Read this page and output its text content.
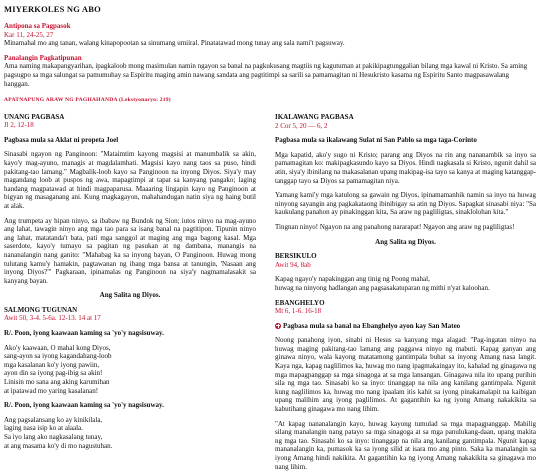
MIYERKOLES NG ABO
Antipona sa Pagpasok
Kar 11, 24-25, 27

Minamahal mo ang tanan, walang kinapopootan sa sinumang umiiral. Pinatatawad mong tunay ang sala nami't pagsuway.

Panalangin Pagkatipunan

Ama naming makapangyarihan, ipagkaloob mong masimulan namin ngayon sa banal na pagkukusang magtiis ng kagutuman at pakikipagtunggalian bilang mga kawal ni Kristo. Sa aming pagsugpo sa mga salungat sa pamumuhay sa Espiritu maging amin nawang sandata ang pagtitimpi sa sarili sa pamamagitan ni Hesukristo kasama ng Espiritu Santo magpasawalang hanggan.

APATNAPUNG ARAW NG PAGHAHANDA (Leksiyonaryo: 219)
UNANG PAGBASA
Jl 2, 12-18
Pagbasa mula sa Aklat ni propeta Joel

Sinasabi ngayon ng Panginoon: "Mataimtim kayong magsisi at manumbalik sa akin, kayo'y mag-ayuno, managis at magdalamhati. Magsisi kayo nang taos sa puso, hindi pakitang-tao lamang." Magbalik-loob kayo sa Panginoon na inyong Diyos. Siya'y may magandang loob at puspos ng awa, mapagtimpi at tapat sa kanyang pangako; laging handang magpatawad at hindi magpaparusa. Maaaring lingapin kayo ng Panginoon at bigyan ng masaganang ani. Kung magkagayon, mahahandugan natin siya ng haing butil at alak.

Ang trumpeta ay hipan ninyo, sa ibabaw ng Bundok ng Sion; iutos ninyo na mag-ayuno ang lahat, tawagin ninyo ang mga tao para sa isang banal na pagtitipon. Tipunin ninyo ang lahat, matatanda't bata, pati mga sanggol at maging ang mga bagong kasal. Mga saserdote, kayo'y tumayo sa pagitan ng pasukan at ng dambana, manangis na nananalangin nang ganito: "Mahabag ka sa inyong bayan, O Panginoon. Huwag mong tulutang kamu'y hamakin, pagtawanan ng ibang mga bansa at tanungin, 'Nasaan ang inyong Diyos?'" Pagkaraan, ipinamalas ng Panginoon na siya'y nagmamalasakit sa kanyang bayan.

Ang Salita ng Diyos.
SALMONG TUGUNAN
Awit 50, 3-4. 5-6a. 12-13. 14 at 17
R/. Poon, iyong kaawaan kaming sa 'yo'y nagsisuway.
Ako'y kaawaan, O mahal kong Diyos,
sang-ayon sa iyong kagandahang-loob
mga kasalanan ko'y iyong pawiin,
ayon din sa iyong pag-ibig sa akin!
Linisin mo sana ang aking karumihan
at ipatawad mo yaring kasalanan!
R/. Poon, iyong kaawaan kaming sa 'yo'y nagsisuway.
Ang pagsalansang ko ay kinikilala,
laging nasa isip ko at alaala.
Sa iyo lang ako nagkasalang tunay,
at ang masama ko'y di mo nagustuhan.
IKALAWANG PAGBASA
2 Cor 5, 20 — 6, 2
Pagbasa mula sa ikalawang Sulat ni San Pablo sa mga taga-Corinto

Mga kapatid, ako'y sugo ni Kristo; parang ang Diyos na rin ang nananambik sa inyo sa pamamagitan ko: makipagkasundo kayo sa Diyos. Hindi nagkasala si Kristo, ngunit dahil sa atin, siya'y ibinilang na makasalanan upang makipag-isa tayo sa kanya at maging katanggap-tanggap tayo sa Diyos sa pamamagitan niya.

Yamang kami'y mga katulong sa gawain ng Diyos, ipinamamanhik namin sa inyo na huwag ninyong sayangin ang pagkakataong ibinibigay sa atin ng Diyos. Sapagkat sinasabi niya: "Sa kaukulang panahon ay pinakinggan kita, Sa araw ng pagliligtas, sinaklolohan kita."

Tingnan ninyo! Ngayon na ang panahong nararapat! Ngayon ang araw ng pagliligtas!

Ang Salita ng Diyos.
BERSIKULO
Awit 94, 8ab
Kapag ngayo'y napakinggan ang tinig ng Poong mahal,
huwag na ninyong hadlangan ang pagsasakatuparan ng mithi n'yat kaloohan.
EBANGHELYO
Mt 6, 1-6. 16-18
Pagbasa mula sa banal na Ebanghelyo ayon kay San Mateo

Noong panahong iyon, sinabi ni Hesus sa kanyang mga alagad: "Pag-ingatan ninyo na huwag maging pakitang-tao lamang ang paggawa ninyo ng mabuti. Kapag ganyan ang ginawa ninyo, wala kayong matatamong gantimpala buhat sa inyong Amang nasa langit. Kaya nga, kapag naglilimos ka, huwag mo nang ipagmakaingay ito, kahalad ng ginagawa ng mga mapagpanggap sa mga sinagoga at sa mga lansangan. Ginagawa nila ito upang purihin sila ng mga tao. Sinasabi ko sa inyo: tinanggap na nila ang kanilang gantimpala. Ngunit kung naglilimos ka, huwag mo nang ipaalam itis kahit sa iyong pinakamalapit na kaibigan upang malihim ang iyong paglilimos. At gagantihin ka ng iyong Amang nakakikita sa kabutihang ginagawa mo nang lihim.

"At kapag nananalangin kayo, huwag kayong tumulad sa mga mapagpanggap. Mahilig silang manalangin nang patayo sa mga sinagoga at sa mga panulukang-daan, upang makita ng mga tao. Sinasabi ko sa inyo: tinanggap na nila ang kanilang gantimpala. Ngunit kapag mananalangin ka, pumasok ka sa iyong silid at isara mo ang pinto. Saka ka manalangin sa iyong Amang hindi nakikita. At gagantihin ka ng iyong Amang nakakikita sa ginagawa mo nang lihim.
